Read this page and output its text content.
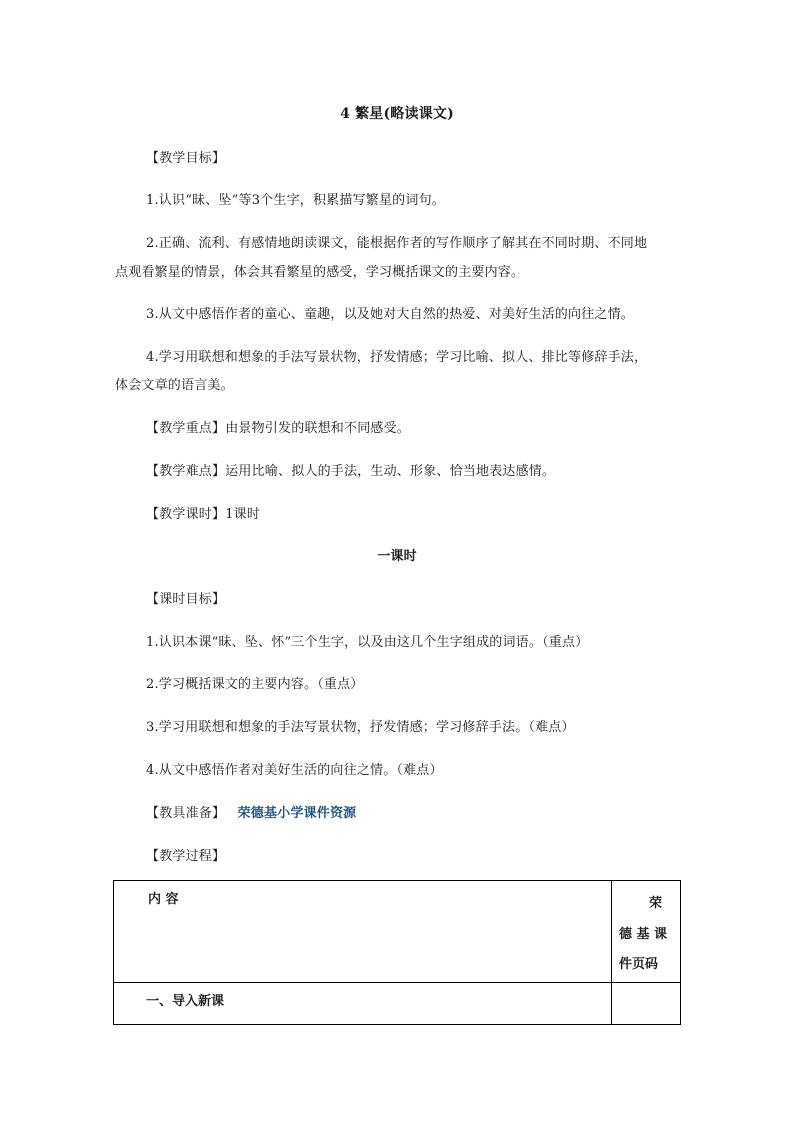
4 繁星(略读课文)
【教学目标】
1.认识“昧、坠”等3个生字，积累描写繁星的词句。
2.正确、流利、有感情地朗读课文，能根据作者的写作顺序了解其在不同时期、不同地
点观看繁星的情景，体会其看繁星的感受，学习概括课文的主要内容。
3.从文中感悟作者的童心、童趣，以及她对大自然的热爱、对美好生活的向往之情。
4.学习用联想和想象的手法写景状物，抒发情感；学习比喻、拟人、排比等修辞手法，
体会文章的语言美。
【教学重点】由景物引发的联想和不同感受。
【教学难点】运用比喻、拟人的手法，生动、形象、恰当地表达感情。
【教学课时】1课时
一课时
【课时目标】
1.认识本课“昧、坠、怀”三个生字，以及由这几个生字组成的词语。（重点）
2.学习概括课文的主要内容。（重点）
3.学习用联想和想象的手法写景状物，抒发情感；学习修辞手法。（难点）
4.从文中感悟作者对美好生活的向往之情。（难点）
【教具准备】 荣德基小学课件资源
【教学过程】
内 容	荣
德 基 课
件页码
一、导入新课
